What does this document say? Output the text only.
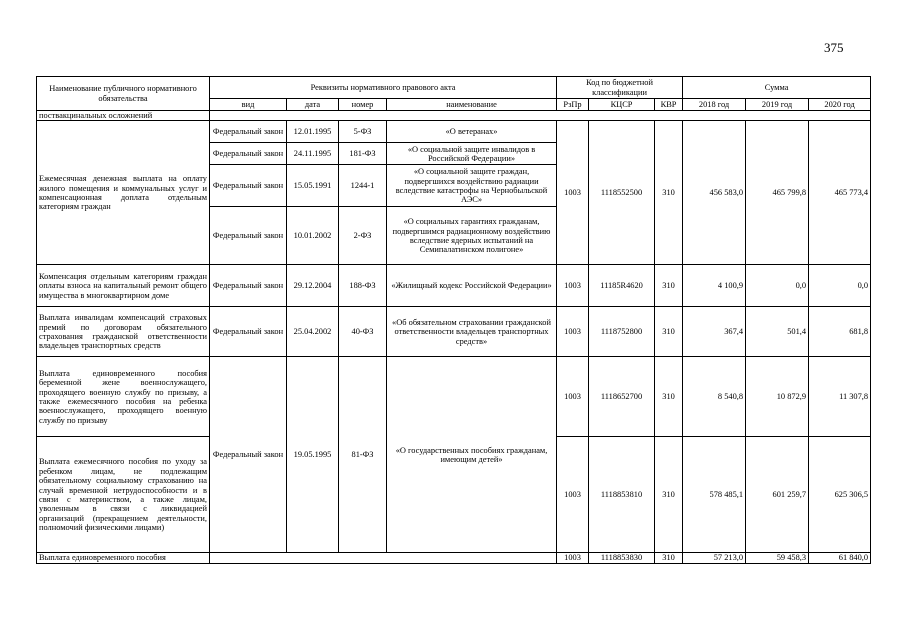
375
Наименование публичного нормативного обязательства	Реквизиты нормативного правового акта				Код по бюджетной классификации			Сумма		
	вид	дата	номер	наименование	РзПр	КЦСР	КВР	2018 год	2019 год	2020 год
поствакцинальных осложнений										
Ежемесячная денежная выплата на оплату жилого помещения и коммунальных услуг и компенсационная доплата отдельным категориям граждан	Федеральный закон	12.01.1995	5-ФЗ	«О ветеранах»	1003	1118552500	310	456 583,0	465 799,8	465 773,4
	Федеральный закон	24.11.1995	181-ФЗ	«О социальной защите инвалидов в Российской Федерации»						
	Федеральный закон	15.05.1991	1244-1	«О социальной защите граждан, подвергшихся воздействию радиации вследствие катастрофы на Чернобыльской АЭС»						
	Федеральный закон	10.01.2002	2-ФЗ	«О социальных гарантиях гражданам, подвергшимся радиационному воздействию вследствие ядерных испытаний на Семипалатинском полигоне»						
Компенсация отдельным категориям граждан оплаты взноса на капитальный ремонт общего имущества в многоквартирном доме	Федеральный закон	29.12.2004	188-ФЗ	«Жилищный кодекс Российской Федерации»	1003	11185R4620	310	4 100,9	0,0	0,0
Выплата инвалидам компенсаций страховых премий по договорам обязательного страхования гражданской ответственности владельцев транспортных средств	Федеральный закон	25.04.2002	40-ФЗ	«Об обязательном страховании гражданской ответственности владельцев транспортных средств»	1003	1118752800	310	367,4	501,4	681,8
Выплата единовременного пособия беременной жене военнослужащего, проходящего военную службу по призыву, а также ежемесячного пособия на ребенка военнослужащего, проходящего военную службу по призыву	Федеральный закон	19.05.1995	81-ФЗ	«О государственных пособиях гражданам, имеющим детей»	1003	1118652700	310	8 540,8	10 872,9	11 307,8
Выплата ежемесячного пособия по уходу за ребенком лицам, не подлежащим обязательному социальному страхованию на случай временной нетрудоспособности и в связи с материнством, а также лицам, уволенным в связи с ликвидацией организаций (прекращением деятельности, полномочий физическими лицами)					1003	1118853810	310	578 485,1	601 259,7	625 306,5
Выплата единовременного пособия					1003	1118853830	310	57 213,0	59 458,3	61 840,0
